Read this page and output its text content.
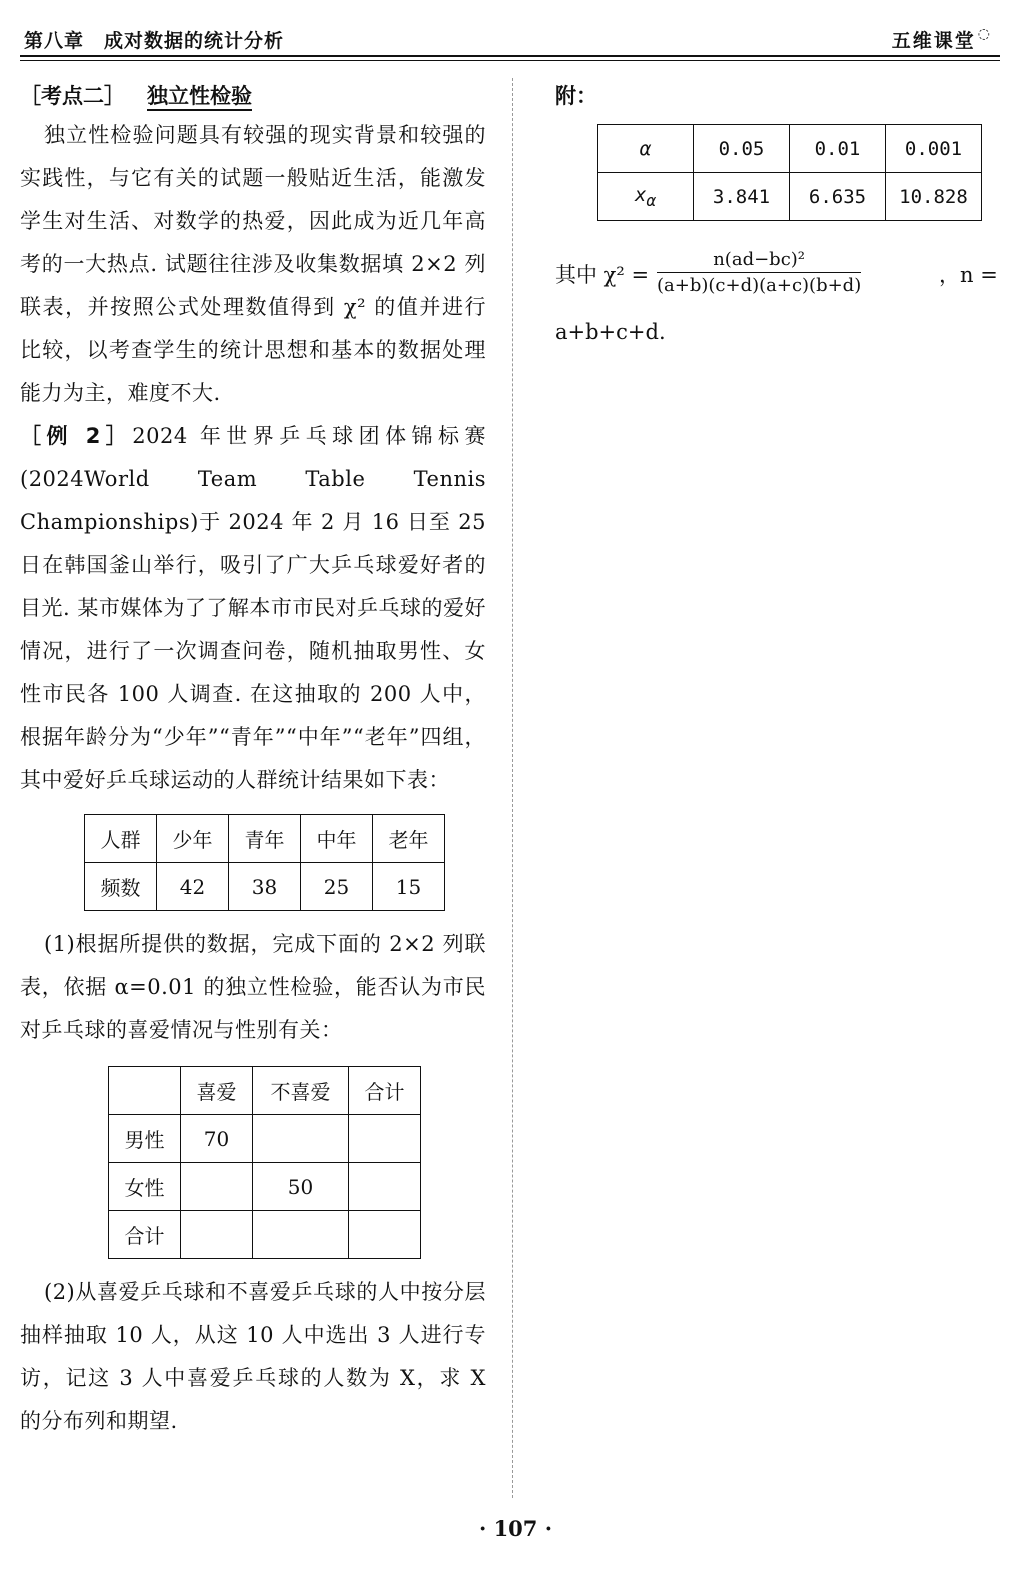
第八章　成对数据的统计分析	五维课堂 ◌
［考点二］ 独立性检验

独立性检验问题具有较强的现实背景和较强的实践性，与它有关的试题一般贴近生活，能激发学生对生活、对数学的热爱，因此成为近几年高考的一大热点. 试题往往涉及收集数据填 2×2 列联表，并按照公式处理数值得到 χ² 的值并进行比较，以考查学生的统计思想和基本的数据处理能力为主，难度不大.

［例 2］2024 年世界乒乓球团体锦标赛(2024World Team Table Tennis Championships)于 2024 年 2 月 16 日至 25 日在韩国釜山举行，吸引了广大乒乓球爱好者的目光. 某市媒体为了了解本市市民对乒乓球的爱好情况，进行了一次调查问卷，随机抽取男性、女性市民各 100 人调查. 在这抽取的 200 人中，根据年龄分为“少年”“青年”“中年”“老年”四组，其中爱好乒乓球运动的人群统计结果如下表：

人群	少年	青年	中年	老年
频数	42	38	25	15

(1)根据所提供的数据，完成下面的 2×2 列联表，依据 α=0.01 的独立性检验，能否认为市民对乒乓球的喜爱情况与性别有关：

	喜爱	不喜爱	合计
男性	70		
女性		50	
合计			

(2)从喜爱乒乓球和不喜爱乒乓球的人中按分层抽样抽取 10 人，从这 10 人中选出 3 人进行专访，记这 3 人中喜爱乒乓球的人数为 X，求 X 的分布列和期望.

附：
α	0.05	0.01	0.001
$x_\alpha$	3.841	6.635	10.828
其中 $\chi^2 = \frac{\text{n(ad−bc)²}}{(a+b)(c+d)(a+c)(b+d)}$	，n =
a+b+c+d.
· 107 ·
